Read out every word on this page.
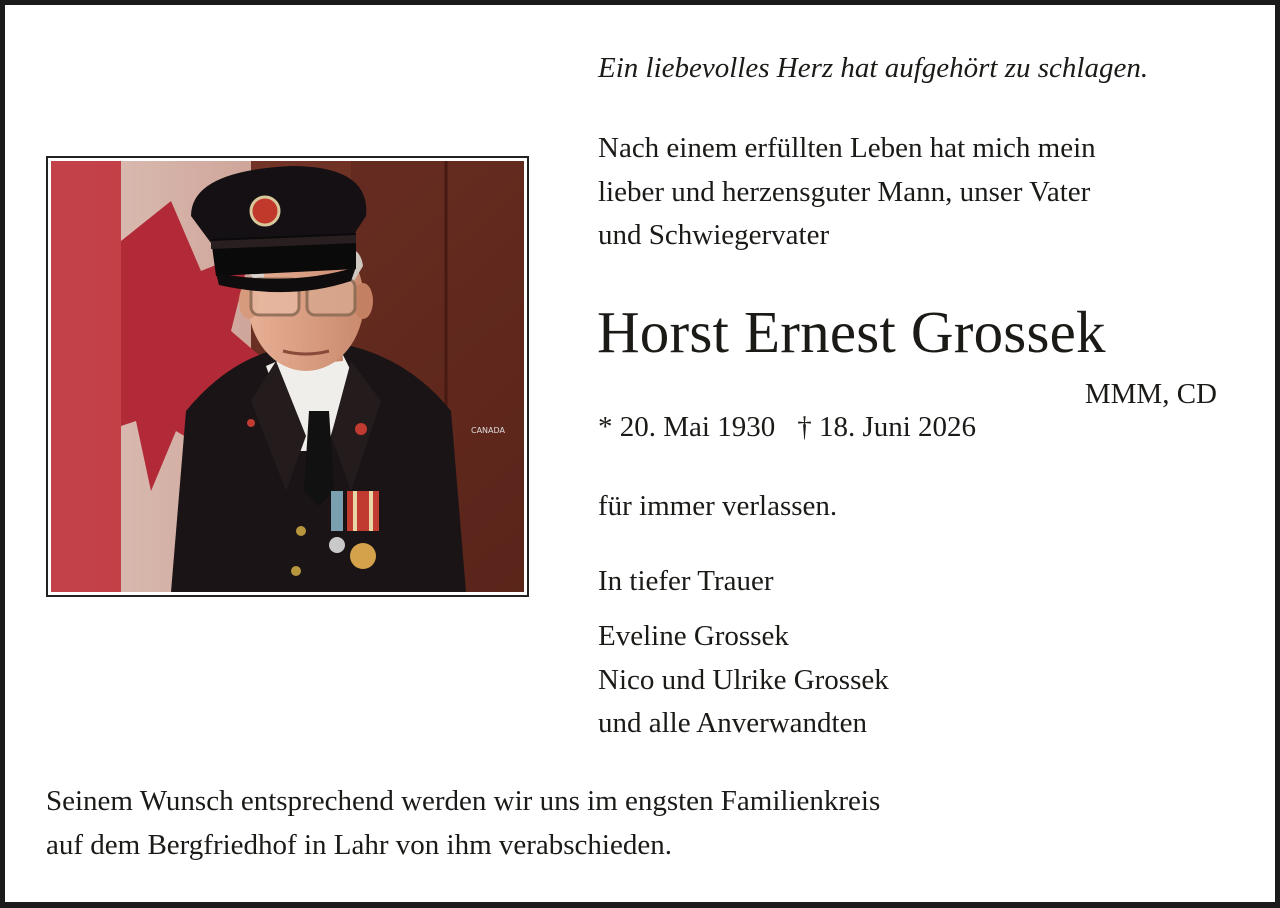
CANADA
Ein liebevolles Herz hat aufgehört zu schlagen.
Nach einem erfüllten Leben hat mich mein
lieber und herzensguter Mann, unser Vater
und Schwiegervater
Horst Ernest Grossek
MMM, CD
* 20. Mai 1930 † 18. Juni 2026
für immer verlassen.
In tiefer Trauer
Eveline Grossek
Nico und Ulrike Grossek
und alle Anverwandten
Seinem Wunsch entsprechend werden wir uns im engsten Familienkreis
auf dem Bergfriedhof in Lahr von ihm verabschieden.
